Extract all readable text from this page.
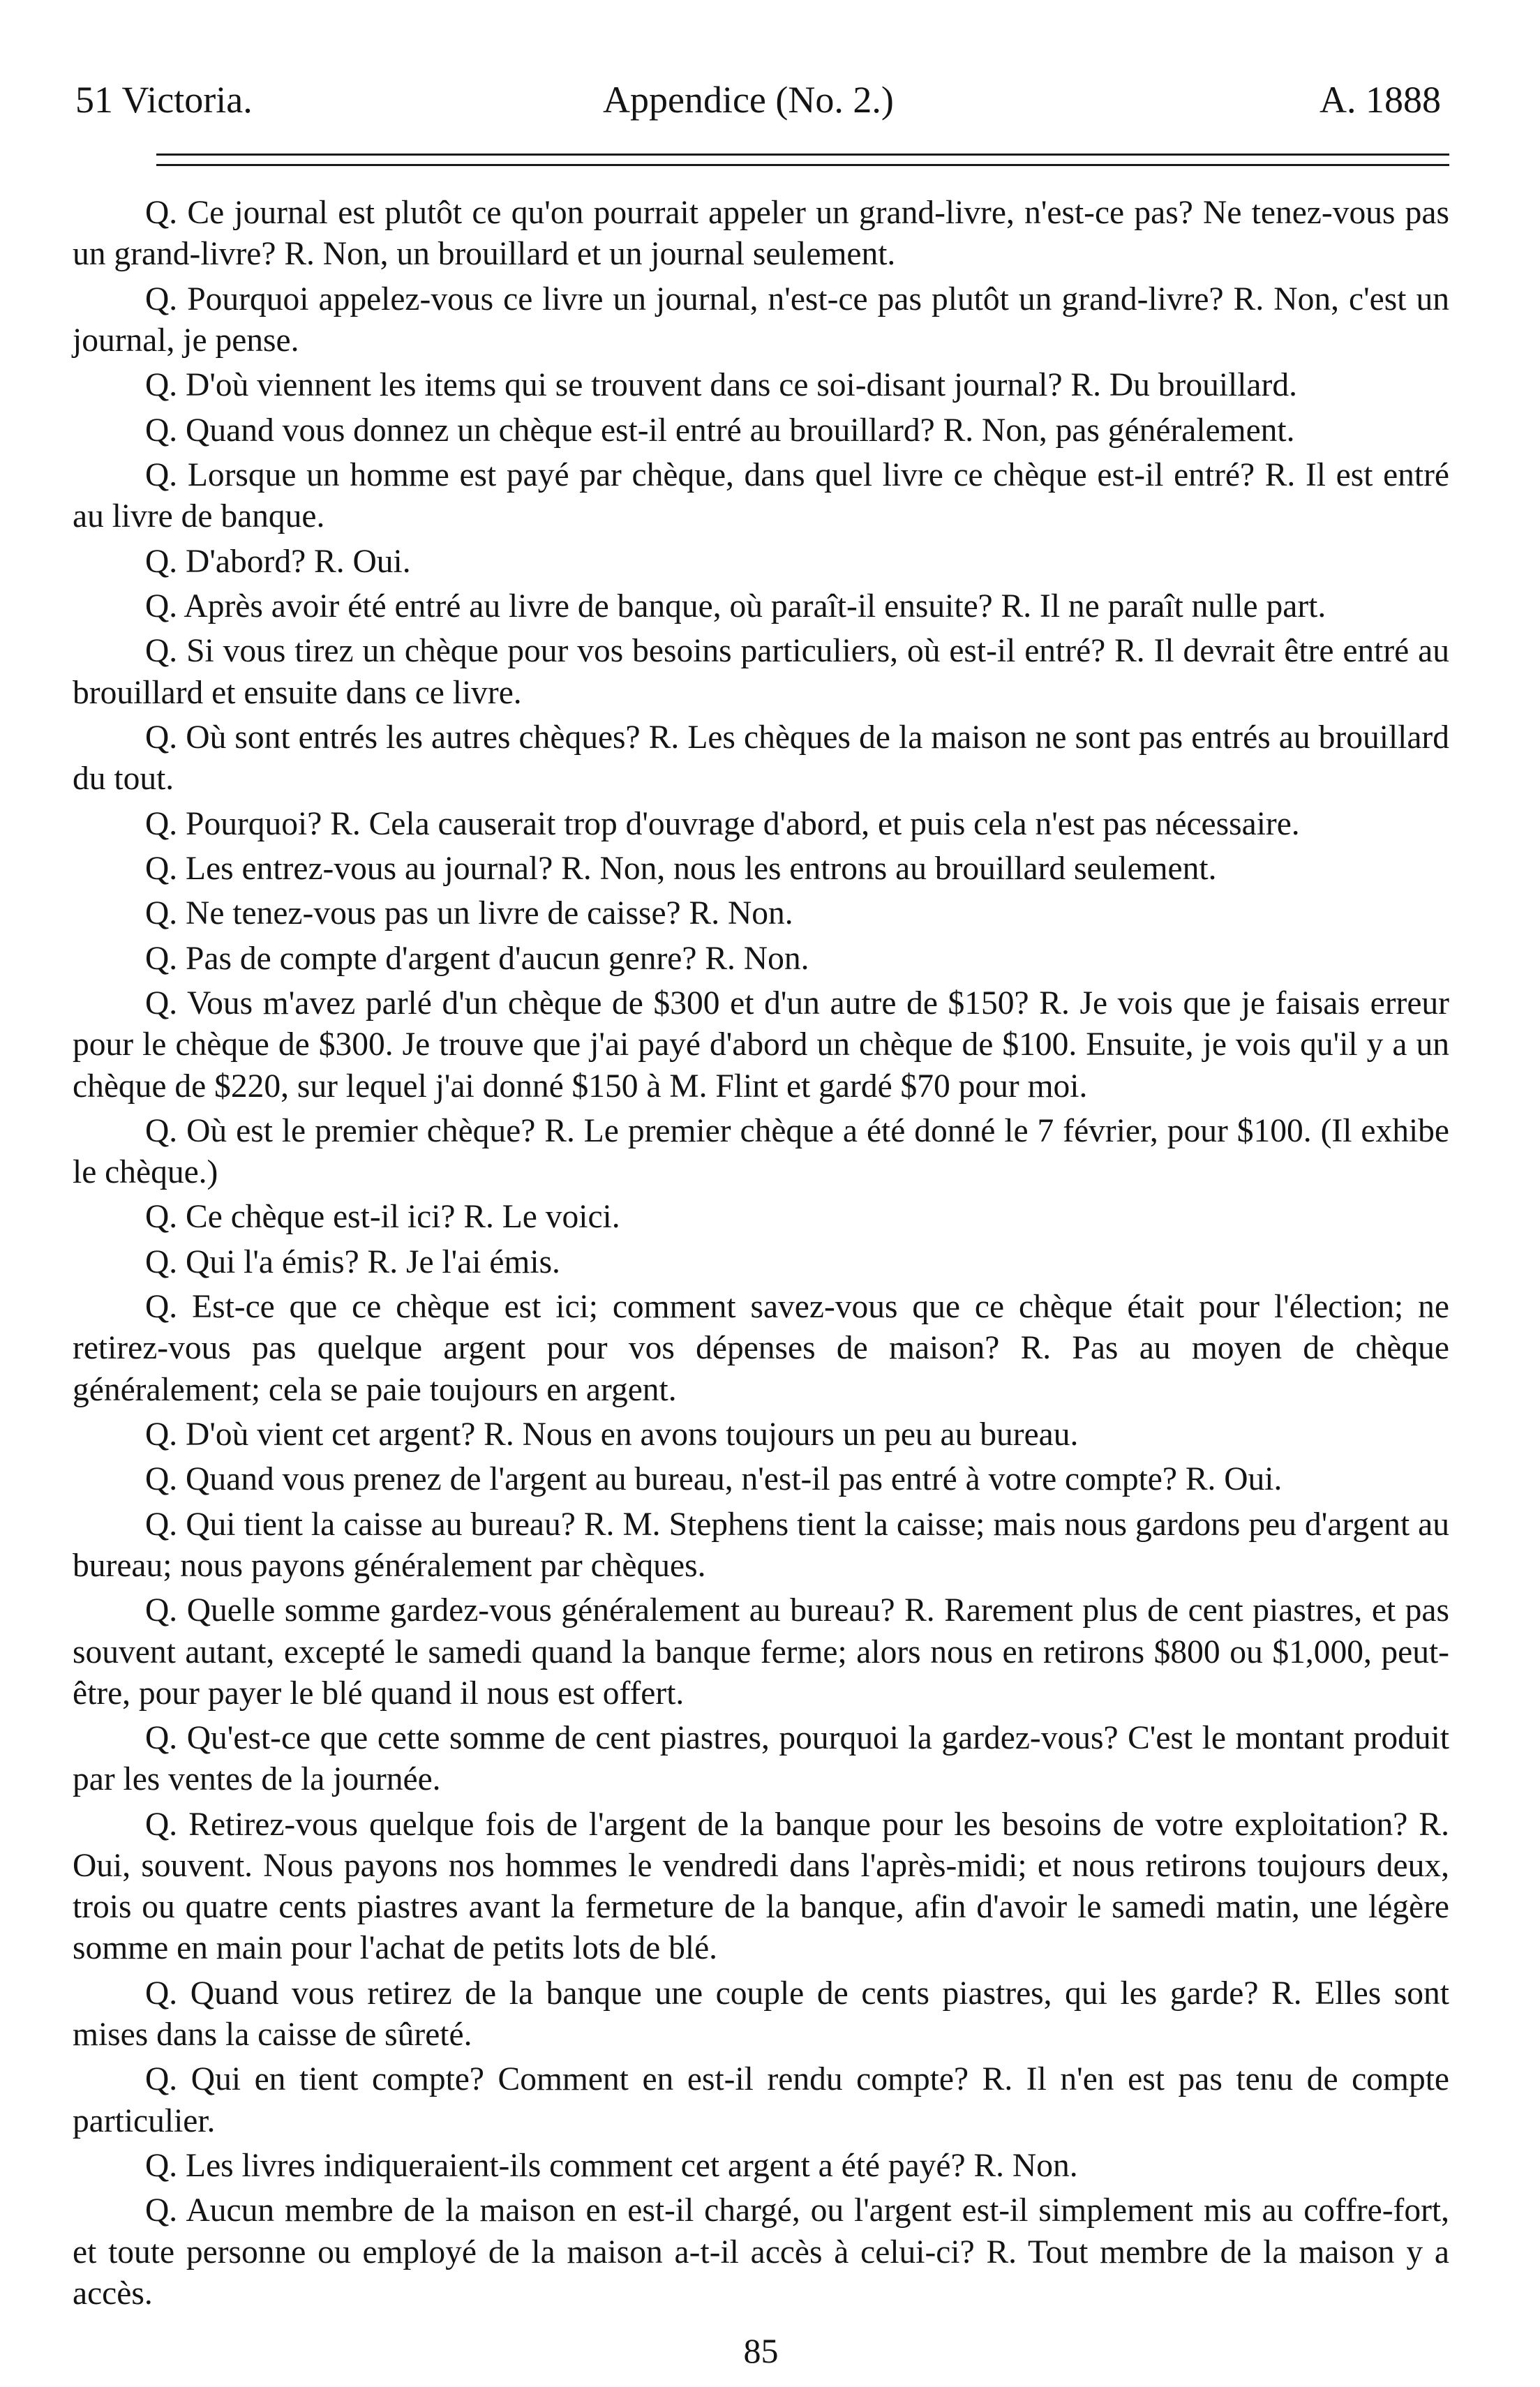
51 Victoria.	Appendice (No. 2.)	A. 1888

Q. Ce journal est plutôt ce qu'on pourrait appeler un grand-livre, n'est-ce pas? Ne tenez-vous pas un grand-livre? R. Non, un brouillard et un journal seulement.

Q. Pourquoi appelez-vous ce livre un journal, n'est-ce pas plutôt un grand-livre? R. Non, c'est un journal, je pense.

Q. D'où viennent les items qui se trouvent dans ce soi-disant journal? R. Du brouillard.

Q. Quand vous donnez un chèque est-il entré au brouillard? R. Non, pas généralement.

Q. Lorsque un homme est payé par chèque, dans quel livre ce chèque est-il entré? R. Il est entré au livre de banque.

Q. D'abord? R. Oui.

Q. Après avoir été entré au livre de banque, où paraît-il ensuite? R. Il ne paraît nulle part.

Q. Si vous tirez un chèque pour vos besoins particuliers, où est-il entré? R. Il devrait être entré au brouillard et ensuite dans ce livre.

Q. Où sont entrés les autres chèques? R. Les chèques de la maison ne sont pas entrés au brouillard du tout.

Q. Pourquoi? R. Cela causerait trop d'ouvrage d'abord, et puis cela n'est pas nécessaire.

Q. Les entrez-vous au journal? R. Non, nous les entrons au brouillard seulement.

Q. Ne tenez-vous pas un livre de caisse? R. Non.

Q. Pas de compte d'argent d'aucun genre? R. Non.

Q. Vous m'avez parlé d'un chèque de $300 et d'un autre de $150? R. Je vois que je faisais erreur pour le chèque de $300. Je trouve que j'ai payé d'abord un chèque de $100. Ensuite, je vois qu'il y a un chèque de $220, sur lequel j'ai donné $150 à M. Flint et gardé $70 pour moi.

Q. Où est le premier chèque? R. Le premier chèque a été donné le 7 février, pour $100. (Il exhibe le chèque.)

Q. Ce chèque est-il ici? R. Le voici.

Q. Qui l'a émis? R. Je l'ai émis.

Q. Est-ce que ce chèque est ici; comment savez-vous que ce chèque était pour l'élection; ne retirez-vous pas quelque argent pour vos dépenses de maison? R. Pas au moyen de chèque généralement; cela se paie toujours en argent.

Q. D'où vient cet argent? R. Nous en avons toujours un peu au bureau.

Q. Quand vous prenez de l'argent au bureau, n'est-il pas entré à votre compte? R. Oui.

Q. Qui tient la caisse au bureau? R. M. Stephens tient la caisse; mais nous gardons peu d'argent au bureau; nous payons généralement par chèques.

Q. Quelle somme gardez-vous généralement au bureau? R. Rarement plus de cent piastres, et pas souvent autant, excepté le samedi quand la banque ferme; alors nous en retirons $800 ou $1,000, peut-être, pour payer le blé quand il nous est offert.

Q. Qu'est-ce que cette somme de cent piastres, pourquoi la gardez-vous? C'est le montant produit par les ventes de la journée.

Q. Retirez-vous quelque fois de l'argent de la banque pour les besoins de votre exploitation? R. Oui, souvent. Nous payons nos hommes le vendredi dans l'après-midi; et nous retirons toujours deux, trois ou quatre cents piastres avant la fermeture de la banque, afin d'avoir le samedi matin, une légère somme en main pour l'achat de petits lots de blé.

Q. Quand vous retirez de la banque une couple de cents piastres, qui les garde? R. Elles sont mises dans la caisse de sûreté.

Q. Qui en tient compte? Comment en est-il rendu compte? R. Il n'en est pas tenu de compte particulier.

Q. Les livres indiqueraient-ils comment cet argent a été payé? R. Non.

Q. Aucun membre de la maison en est-il chargé, ou l'argent est-il simplement mis au coffre-fort, et toute personne ou employé de la maison a-t-il accès à celui-ci? R. Tout membre de la maison y a accès.

85
